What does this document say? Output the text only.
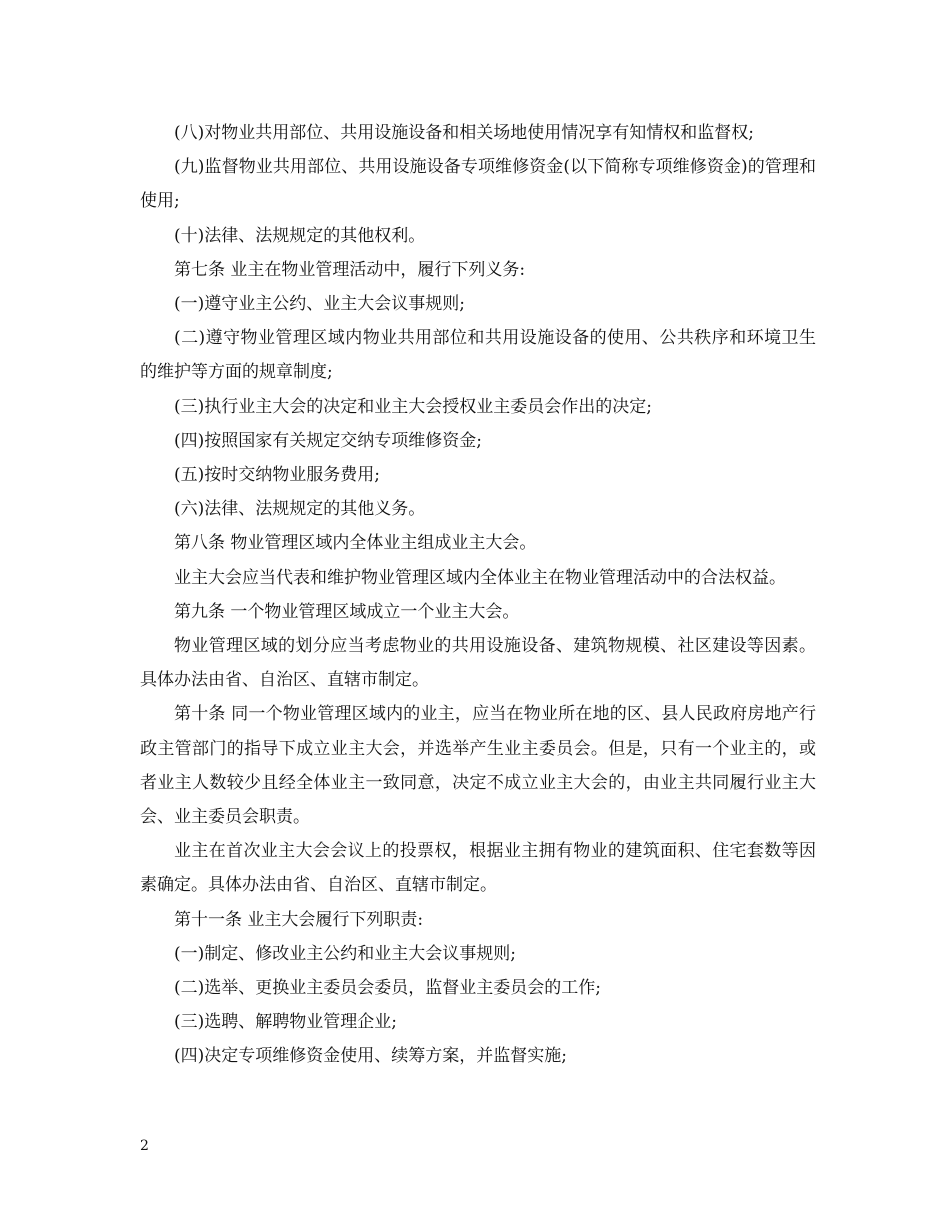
(八)对物业共用部位、共用设施设备和相关场地使用情况享有知情权和监督权;

(九)监督物业共用部位、共用设施设备专项维修资金(以下简称专项维修资金)的管理和使用;

(十)法律、法规规定的其他权利。

第七条 业主在物业管理活动中，履行下列义务:

(一)遵守业主公约、业主大会议事规则;

(二)遵守物业管理区域内物业共用部位和共用设施设备的使用、公共秩序和环境卫生的维护等方面的规章制度;

(三)执行业主大会的决定和业主大会授权业主委员会作出的决定;

(四)按照国家有关规定交纳专项维修资金;

(五)按时交纳物业服务费用;

(六)法律、法规规定的其他义务。

第八条 物业管理区域内全体业主组成业主大会。

业主大会应当代表和维护物业管理区域内全体业主在物业管理活动中的合法权益。

第九条 一个物业管理区域成立一个业主大会。

物业管理区域的划分应当考虑物业的共用设施设备、建筑物规模、社区建设等因素。具体办法由省、自治区、直辖市制定。

第十条 同一个物业管理区域内的业主，应当在物业所在地的区、县人民政府房地产行政主管部门的指导下成立业主大会，并选举产生业主委员会。但是，只有一个业主的，或者业主人数较少且经全体业主一致同意，决定不成立业主大会的，由业主共同履行业主大会、业主委员会职责。

业主在首次业主大会会议上的投票权，根据业主拥有物业的建筑面积、住宅套数等因素确定。具体办法由省、自治区、直辖市制定。

第十一条 业主大会履行下列职责:

(一)制定、修改业主公约和业主大会议事规则;

(二)选举、更换业主委员会委员，监督业主委员会的工作;

(三)选聘、解聘物业管理企业;

(四)决定专项维修资金使用、续筹方案，并监督实施;

2
